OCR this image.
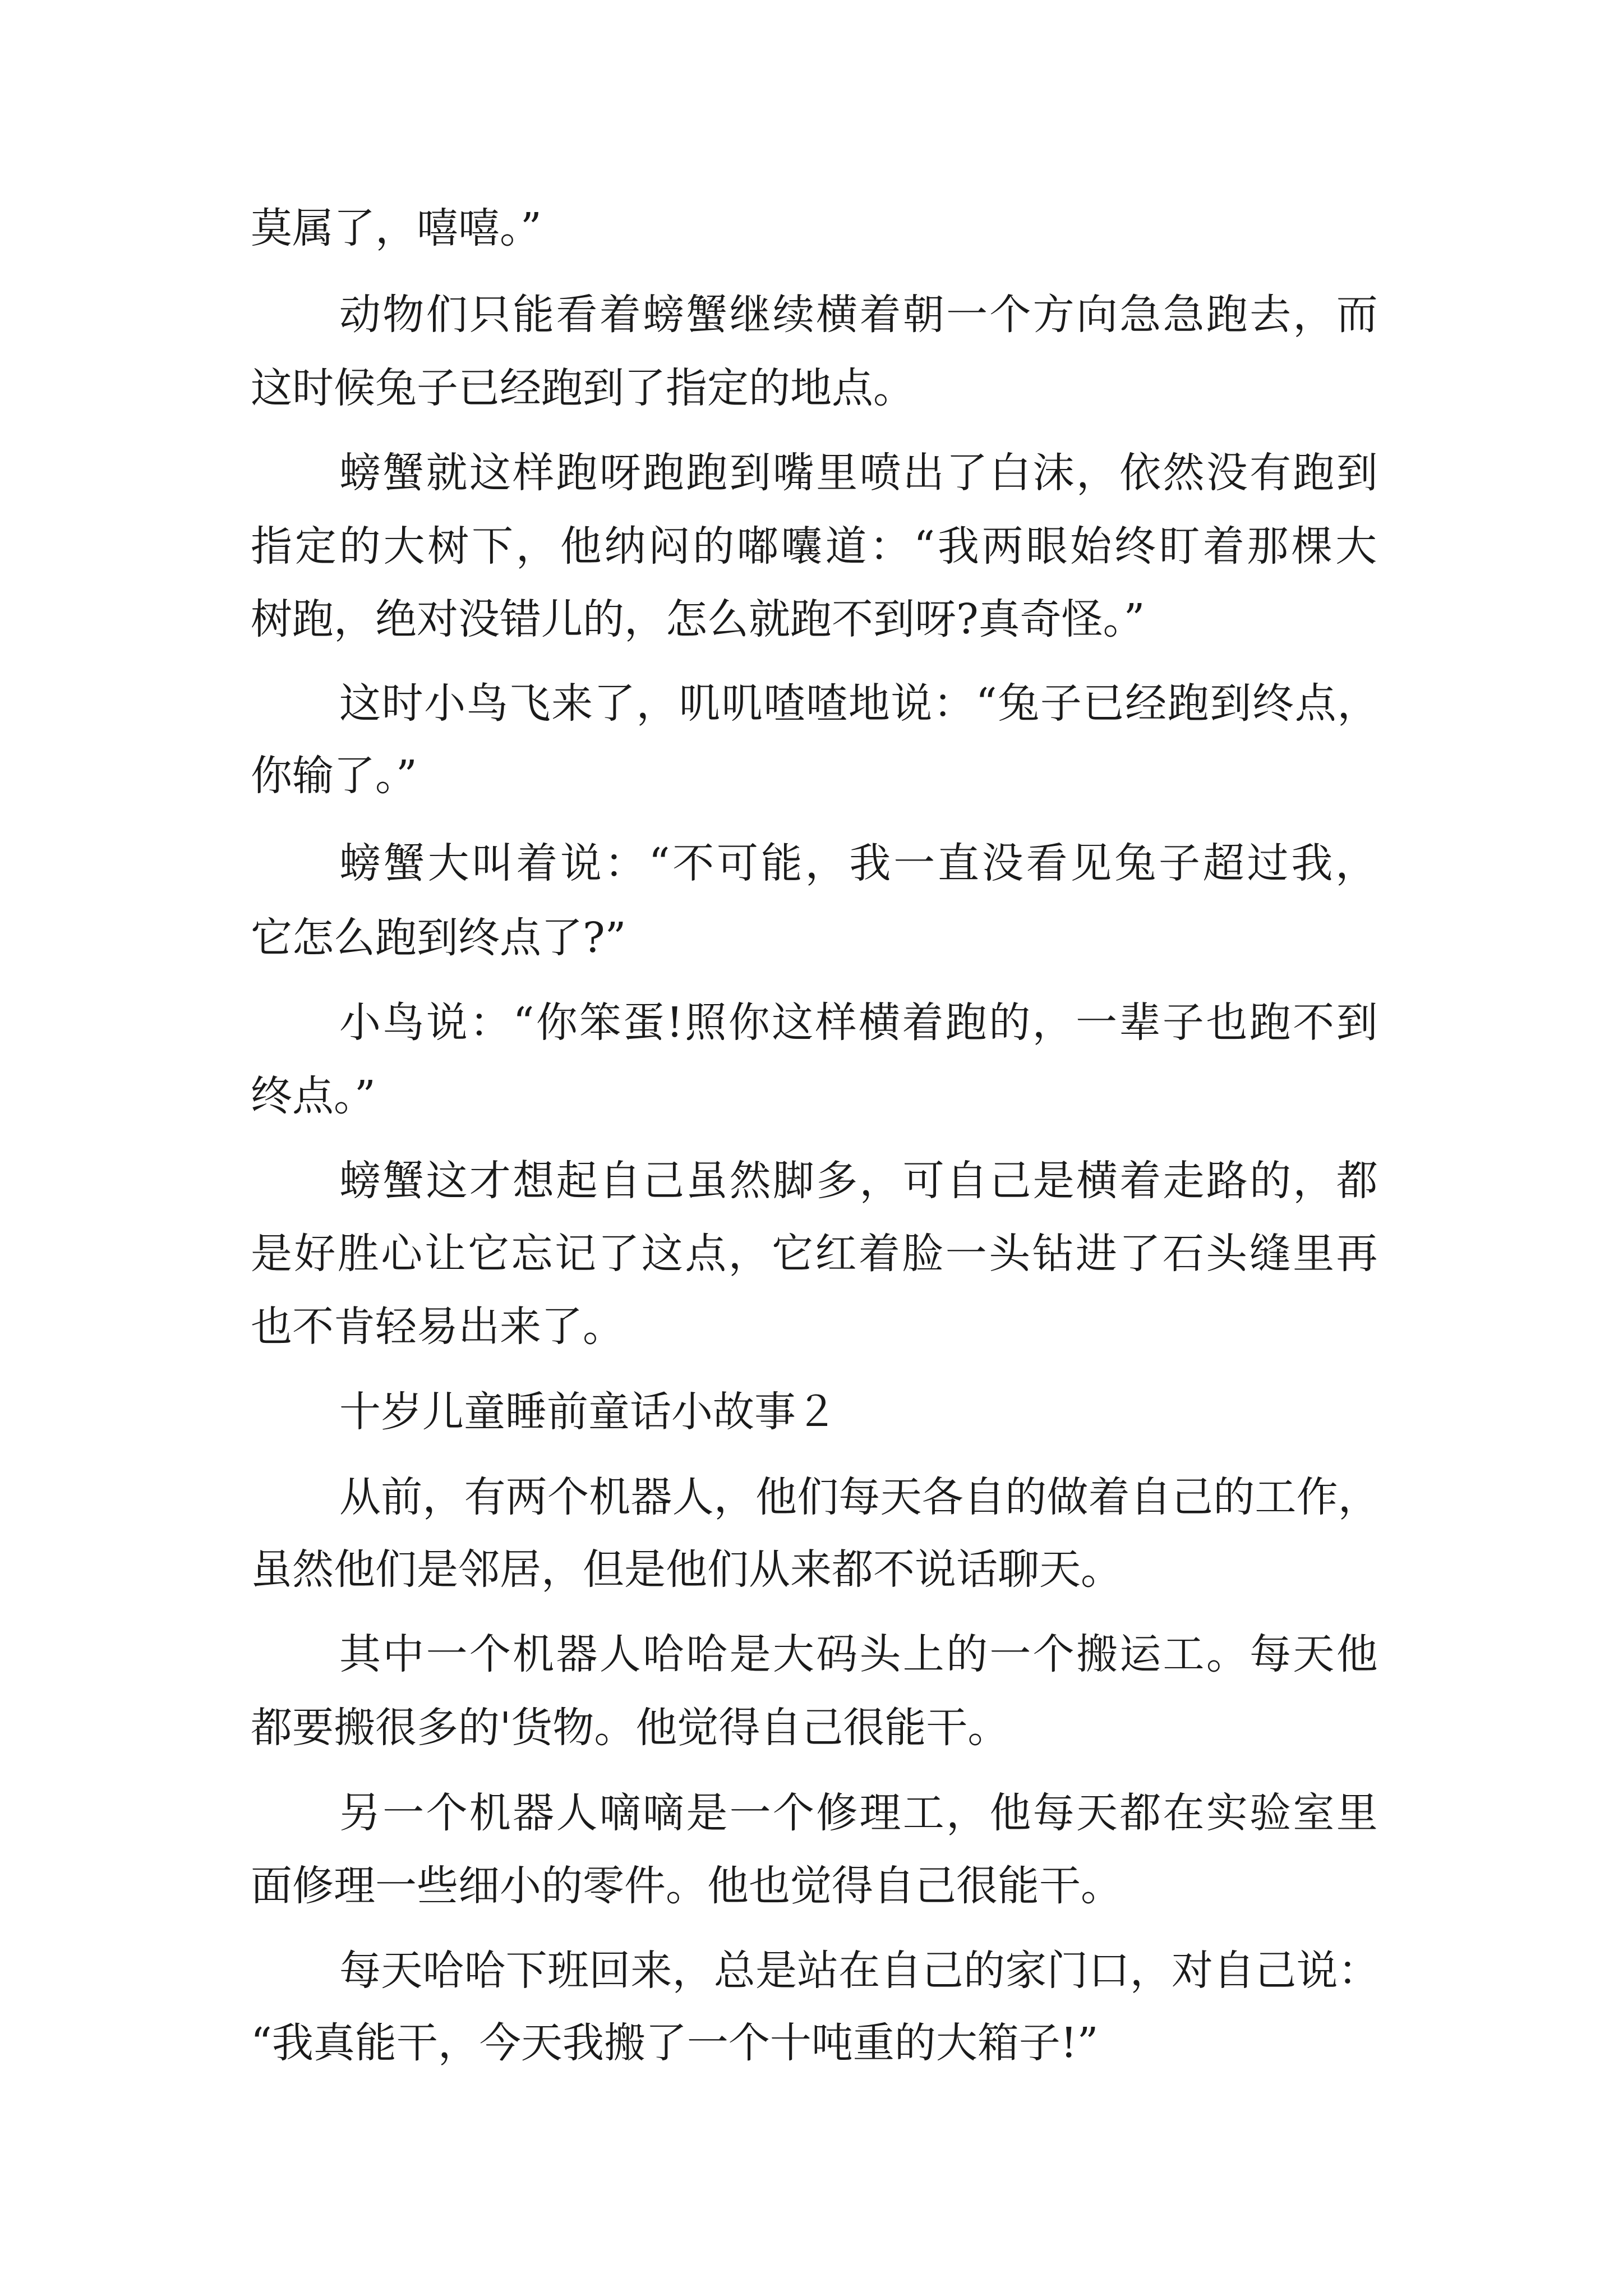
莫属了，嘻嘻。”

动物们只能看着螃蟹继续横着朝一个方向急急跑去，而

这时候兔子已经跑到了指定的地点。

螃蟹就这样跑呀跑跑到嘴里喷出了白沫，依然没有跑到

指定的大树下，他纳闷的嘟囔道：“我两眼始终盯着那棵大

树跑，绝对没错儿的，怎么就跑不到呀?真奇怪。”

这时小鸟飞来了，叽叽喳喳地说：“兔子已经跑到终点，

你输了。”

螃蟹大叫着说：“不可能，我一直没看见兔子超过我，

它怎么跑到终点了?”

小鸟说：“你笨蛋!照你这样横着跑的，一辈子也跑不到

终点。”

螃蟹这才想起自己虽然脚多，可自己是横着走路的，都

是好胜心让它忘记了这点，它红着脸一头钻进了石头缝里再

也不肯轻易出来了。

十岁儿童睡前童话小故事２

从前，有两个机器人，他们每天各自的做着自己的工作，

虽然他们是邻居，但是他们从来都不说话聊天。

其中一个机器人哈哈是大码头上的一个搬运工。每天他

都要搬很多的'货物。他觉得自己很能干。

另一个机器人嘀嘀是一个修理工，他每天都在实验室里

面修理一些细小的零件。他也觉得自己很能干。

每天哈哈下班回来，总是站在自己的家门口，对自己说：

“我真能干，今天我搬了一个十吨重的大箱子!”
